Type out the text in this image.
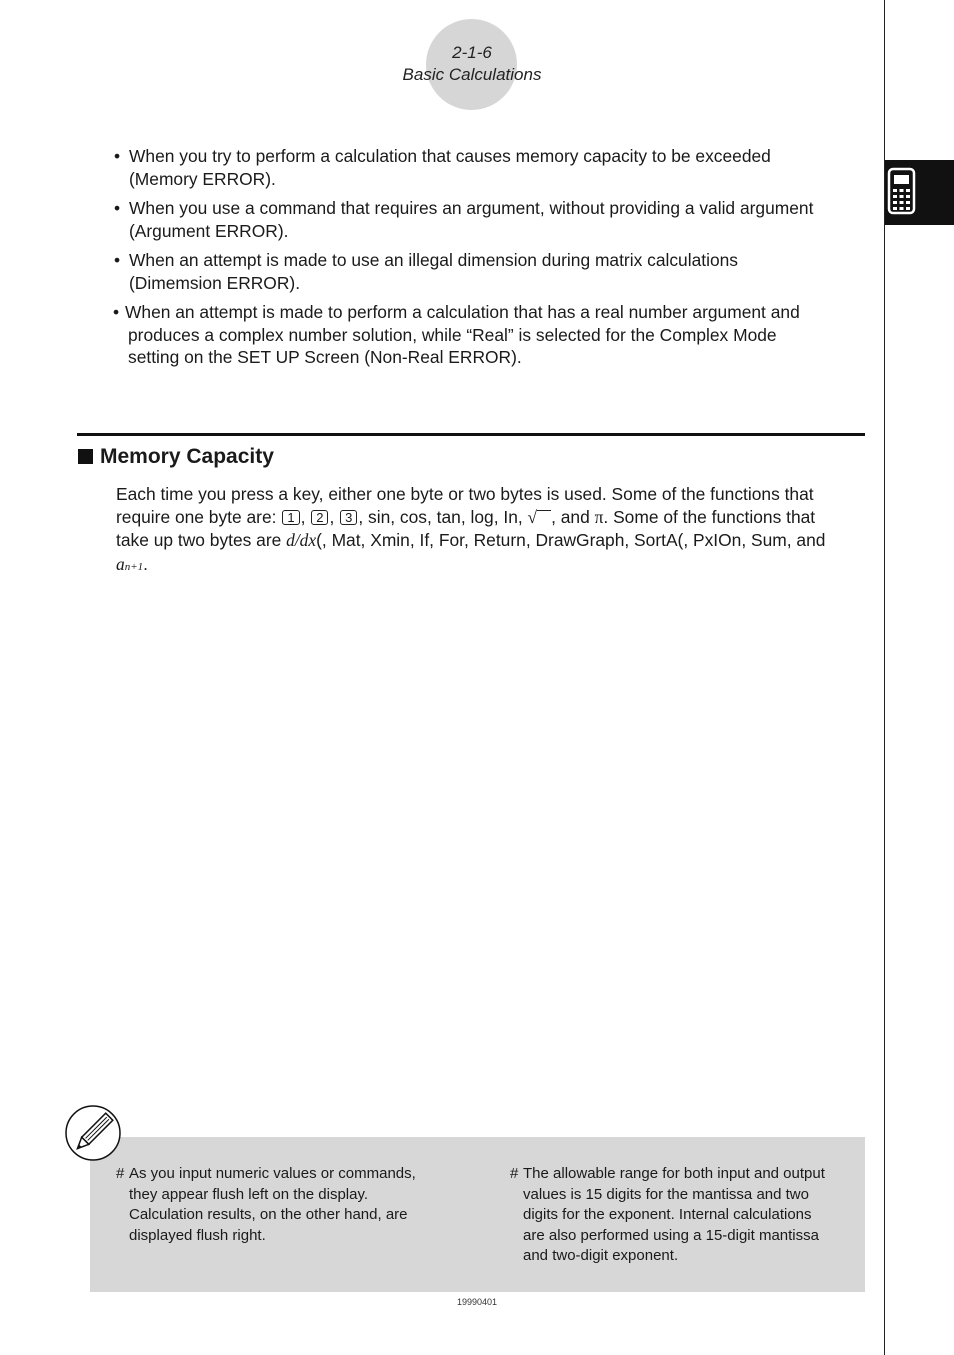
2-1-6
Basic Calculations
• When you try to perform a calculation that causes memory capacity to be exceeded
(Memory ERROR).
• When you use a command that requires an argument, without providing a valid argument
(Argument ERROR).
• When an attempt is made to use an illegal dimension during matrix calculations
(Dimemsion ERROR).
• When an attempt is made to perform a calculation that has a real number argument and
produces a complex number solution, while “Real” is selected for the Complex Mode
setting on the SET UP Screen (Non-Real ERROR).
Memory Capacity
Each time you press a key, either one byte or two bytes is used. Some of the functions that
require one byte are: 1 , 2 , 3 , sin, cos, tan, log, In, √ , and π. Some of the functions that
take up two bytes are d/dx(, Mat, Xmin, If, For, Return, DrawGraph, SortA(, PxIOn, Sum, and
an+1.
# As you input numeric values or commands,
they appear flush left on the display.
Calculation results, on the other hand, are
displayed flush right.
# The allowable range for both input and output
values is 15 digits for the mantissa and two
digits for the exponent. Internal calculations
are also performed using a 15-digit mantissa
and two-digit exponent.
19990401
